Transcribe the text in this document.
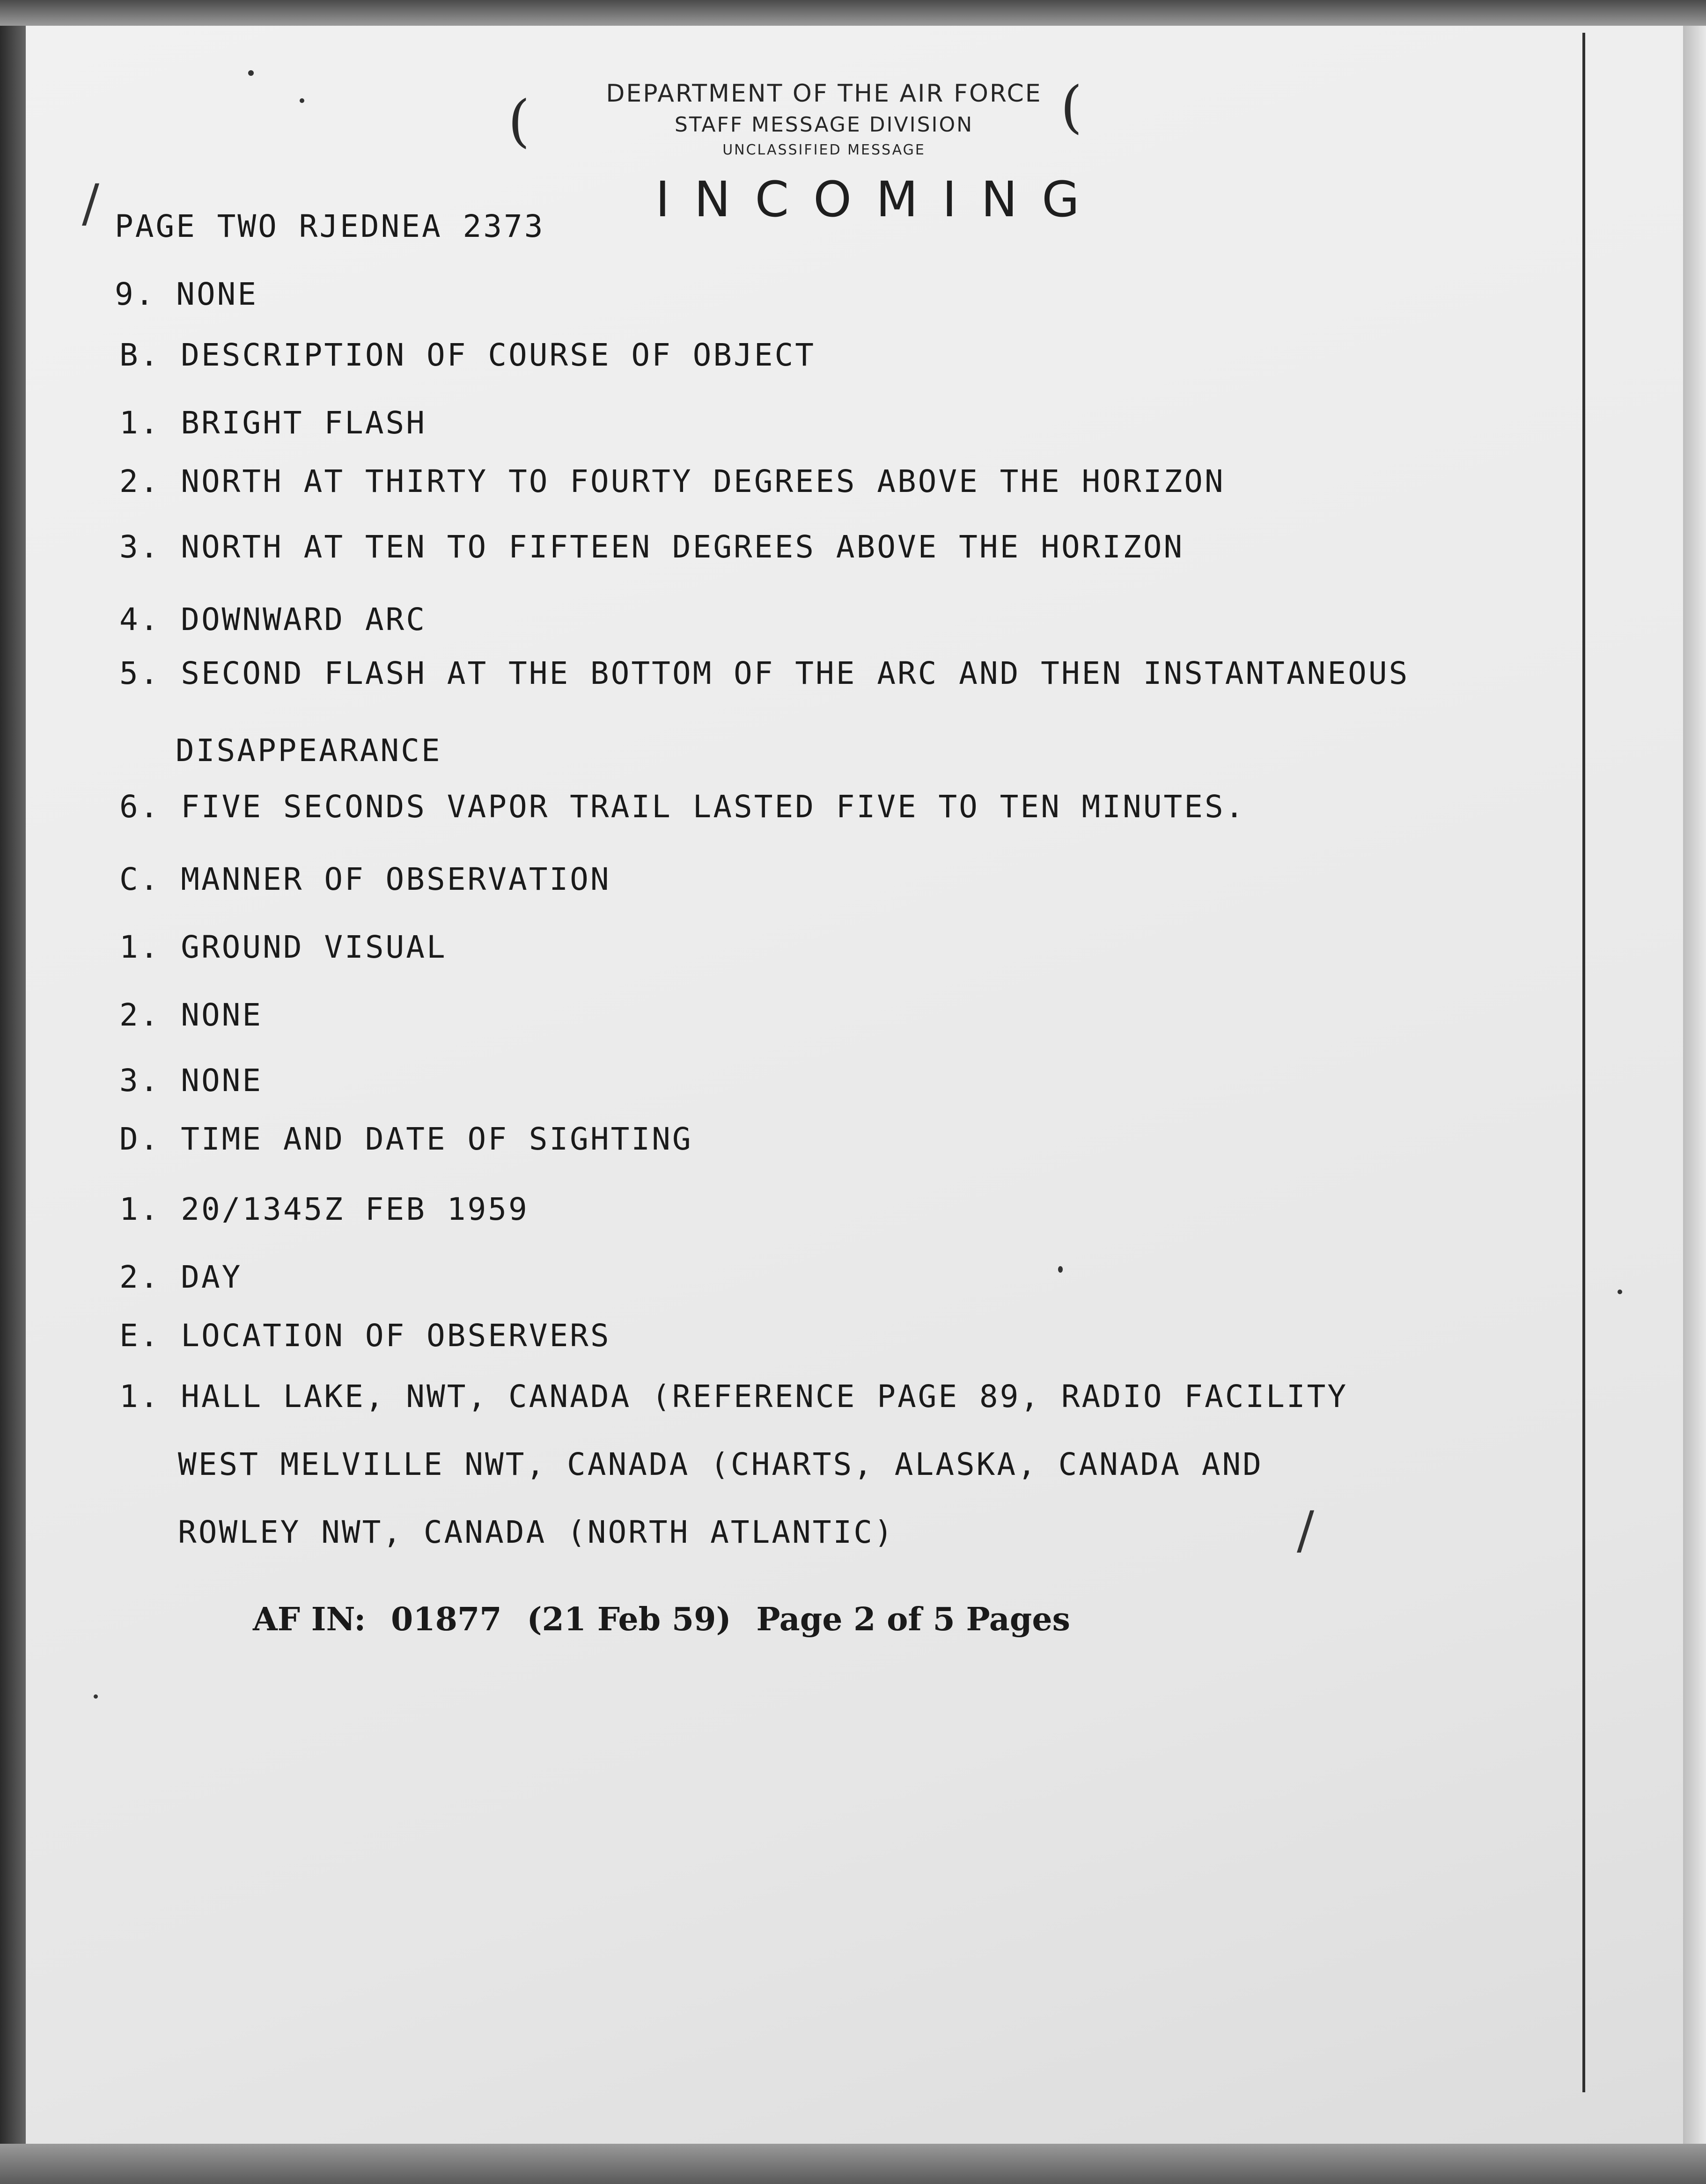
(	(
DEPARTMENT OF THE AIR FORCE
STAFF MESSAGE DIVISION
UNCLASSIFIED MESSAGE
INCOMING
PAGE TWO RJEDNEA 2373
9. NONE
B. DESCRIPTION OF COURSE OF OBJECT
1. BRIGHT FLASH
2. NORTH AT THIRTY TO FOURTY DEGREES ABOVE THE HORIZON
3. NORTH AT TEN TO FIFTEEN DEGREES ABOVE THE HORIZON
4. DOWNWARD ARC
5. SECOND FLASH AT THE BOTTOM OF THE ARC AND THEN INSTANTANEOUS
DISAPPEARANCE
6. FIVE SECONDS VAPOR TRAIL LASTED FIVE TO TEN MINUTES.
C. MANNER OF OBSERVATION
1. GROUND VISUAL
2. NONE
3. NONE
D. TIME AND DATE OF SIGHTING
1. 20/1345Z FEB 1959
2. DAY
E. LOCATION OF OBSERVERS
1. HALL LAKE, NWT, CANADA (REFERENCE PAGE 89, RADIO FACILITY
WEST MELVILLE NWT, CANADA (CHARTS, ALASKA, CANADA AND
ROWLEY NWT, CANADA (NORTH ATLANTIC)	/
/
AF IN: 01877 (21 Feb 59) Page 2 of 5 Pages
